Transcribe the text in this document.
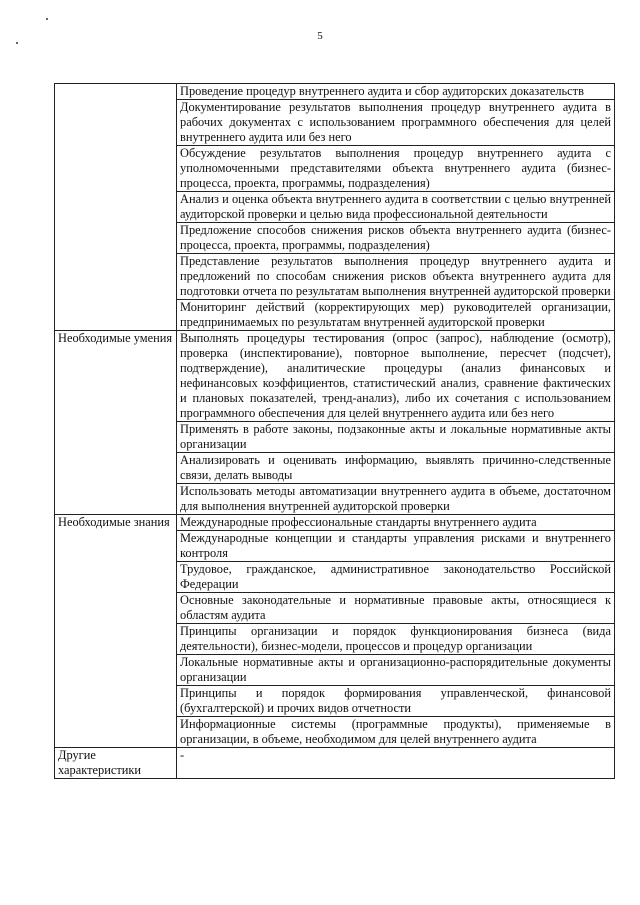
5
	Проведение процедур внутреннего аудита и сбор аудиторских доказательств
	Документирование результатов выполнения процедур внутреннего аудита в рабочих документах с использованием программного обеспечения для целей внутреннего аудита или без него
	Обсуждение результатов выполнения процедур внутреннего аудита с уполномоченными представителями объекта внутреннего аудита (бизнес-процесса, проекта, программы, подразделения)
	Анализ и оценка объекта внутреннего аудита в соответствии с целью внутренней аудиторской проверки и целью вида профессиональной деятельности
	Предложение способов снижения рисков объекта внутреннего аудита (бизнес-процесса, проекта, программы, подразделения)
	Представление результатов выполнения процедур внутреннего аудита и предложений по способам снижения рисков объекта внутреннего аудита для подготовки отчета по результатам выполнения внутренней аудиторской проверки
	Мониторинг действий (корректирующих мер) руководителей организации, предпринимаемых по результатам внутренней аудиторской проверки
Необходимые умения	Выполнять процедуры тестирования (опрос (запрос), наблюдение (осмотр), проверка (инспектирование), повторное выполнение, пересчет (подсчет), подтверждение), аналитические процедуры (анализ финансовых и нефинансовых коэффициентов, статистический анализ, сравнение фактических и плановых показателей, тренд-анализ), либо их сочетания с использованием программного обеспечения для целей внутреннего аудита или без него
	Применять в работе законы, подзаконные акты и локальные нормативные акты организации
	Анализировать и оценивать информацию, выявлять причинно-следственные связи, делать выводы
	Использовать методы автоматизации внутреннего аудита в объеме, достаточном для выполнения внутренней аудиторской проверки
Необходимые знания	Международные профессиональные стандарты внутреннего аудита
	Международные концепции и стандарты управления рисками и внутреннего контроля
	Трудовое, гражданское, административное законодательство Российской Федерации
	Основные законодательные и нормативные правовые акты, относящиеся к областям аудита
	Принципы организации и порядок функционирования бизнеса (вида деятельности), бизнес-модели, процессов и процедур организации
	Локальные нормативные акты и организационно-распорядительные документы организации
	Принципы и порядок формирования управленческой, финансовой (бухгалтерской) и прочих видов отчетности
	Информационные системы (программные продукты), применяемые в организации, в объеме, необходимом для целей внутреннего аудита
Другие характеристики	-
